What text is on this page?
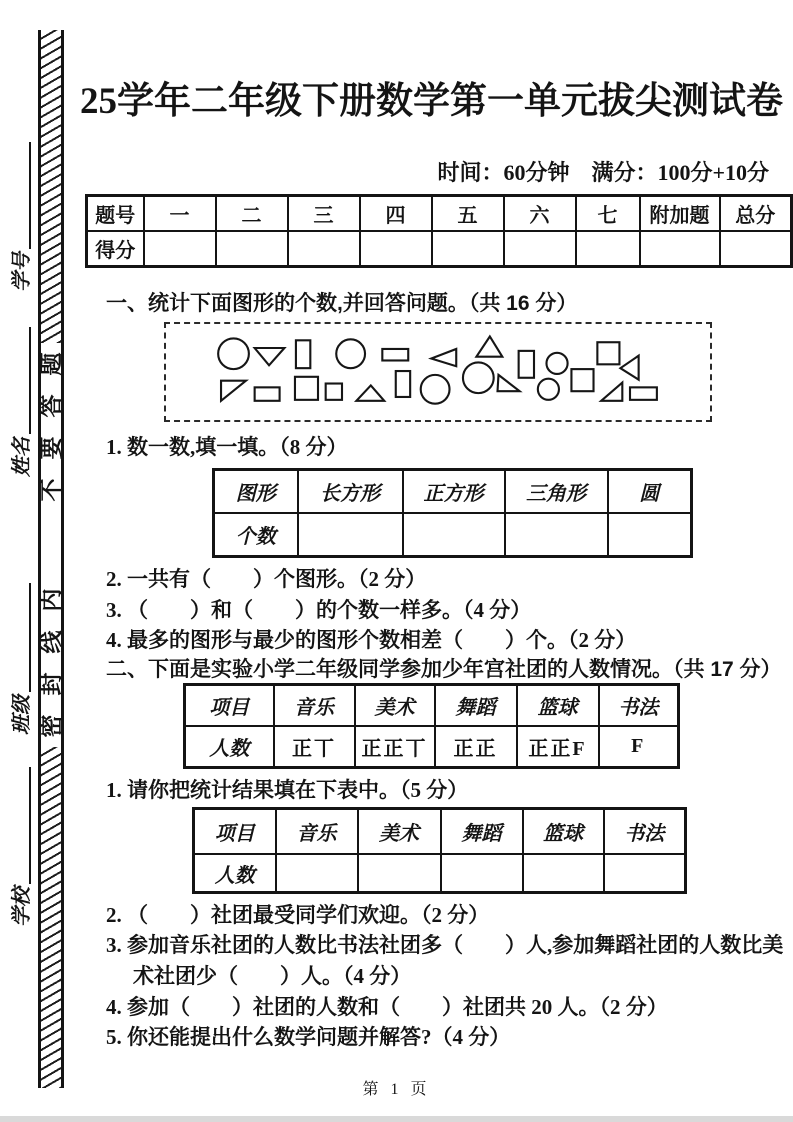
学号
姓名
班级
学校
题
答
要
不
内
线
封
密
25学年二年级下册数学第一单元拔尖测试卷
时间：60分钟　满分：100分+10分
题号	一	二	三	四	五	六	七	附加题	总分
得分									
一、统计下面图形的个数,并回答问题。（共 16 分）
1. 数一数,填一填。（8 分）
图形	长方形	正方形	三角形	圆
个数				
2. 一共有（　　）个图形。（2 分）
3. （　　）和（　　）的个数一样多。（4 分）
4. 最多的图形与最少的图形个数相差（　　）个。（2 分）
二、下面是实验小学二年级同学参加少年宫社团的人数情况。（共 17 分）
项目	音乐	美术	舞蹈	篮球	书法
人数	正丅	正正丅	正正	正正F	F
1. 请你把统计结果填在下表中。（5 分）
项目	音乐	美术	舞蹈	篮球	书法
人数					
2. （　　）社团最受同学们欢迎。（2 分）
3. 参加音乐社团的人数比书法社团多（　　）人,参加舞蹈社团的人数比美
术社团少（　　）人。（4 分）
4. 参加（　　）社团的人数和（　　）社团共 20 人。（2 分）
5. 你还能提出什么数学问题并解答?（4 分）
第 1 页
